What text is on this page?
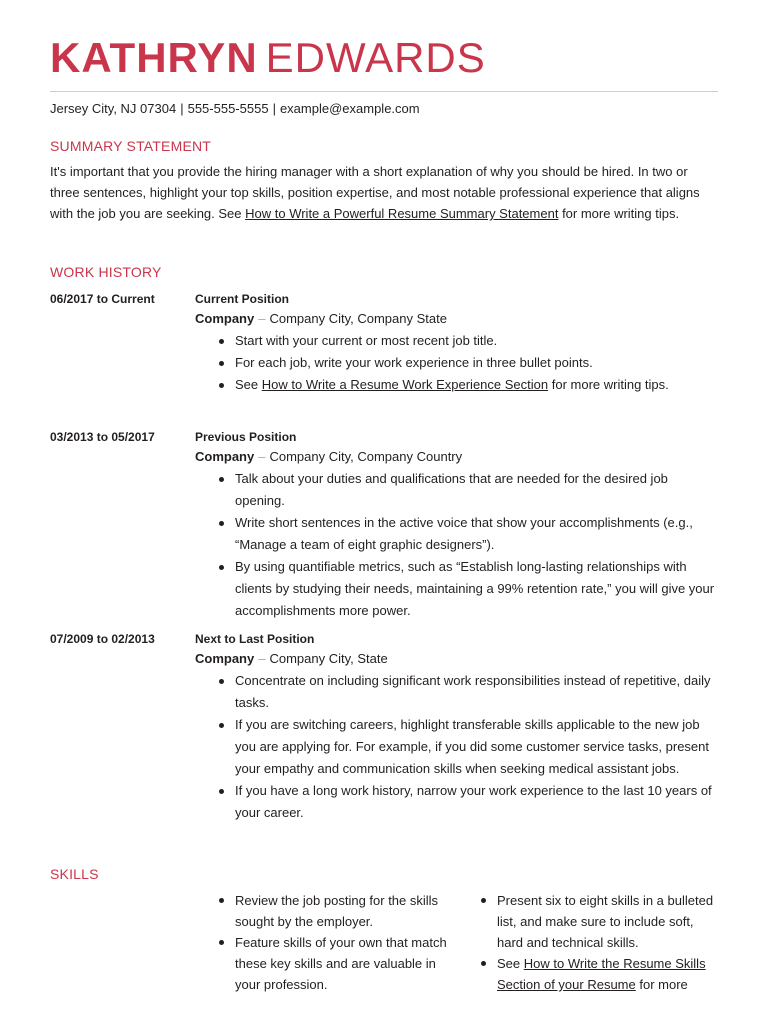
KATHRYN EDWARDS
Jersey City, NJ 07304 | 555-555-5555 | example@example.com
SUMMARY STATEMENT

It's important that you provide the hiring manager with a short explanation of why you should be hired. In two or three sentences, highlight your top skills, position expertise, and most notable professional experience that aligns with the job you are seeking. See How to Write a Powerful Resume Summary Statement for more writing tips.

WORK HISTORY
06/2017 to Current	Current Position
Company – Company City, Company State
Start with your current or most recent job title.
For each job, write your work experience in three bullet points.
See How to Write a Resume Work Experience Section for more writing tips.
03/2013 to 05/2017	Previous Position
Company – Company City, Company Country
Talk about your duties and qualifications that are needed for the desired job opening.
Write short sentences in the active voice that show your accomplishments (e.g., “Manage a team of eight graphic designers”).
By using quantifiable metrics, such as “Establish long-lasting relationships with clients by studying their needs, maintaining a 99% retention rate,” you will give your accomplishments more power.
07/2009 to 02/2013	Next to Last Position
Company – Company City, State
Concentrate on including significant work responsibilities instead of repetitive, daily tasks.
If you are switching careers, highlight transferable skills applicable to the new job you are applying for. For example, if you did some customer service tasks, present your empathy and communication skills when seeking medical assistant jobs.
If you have a long work history, narrow your work experience to the last 10 years of your career.
SKILLS
Review the job posting for the skills sought by the employer.
Feature skills of your own that match these key skills and are valuable in your profession.
Present six to eight skills in a bulleted list, and make sure to include soft, hard and technical skills.
See How to Write the Resume Skills Section of your Resume for more
